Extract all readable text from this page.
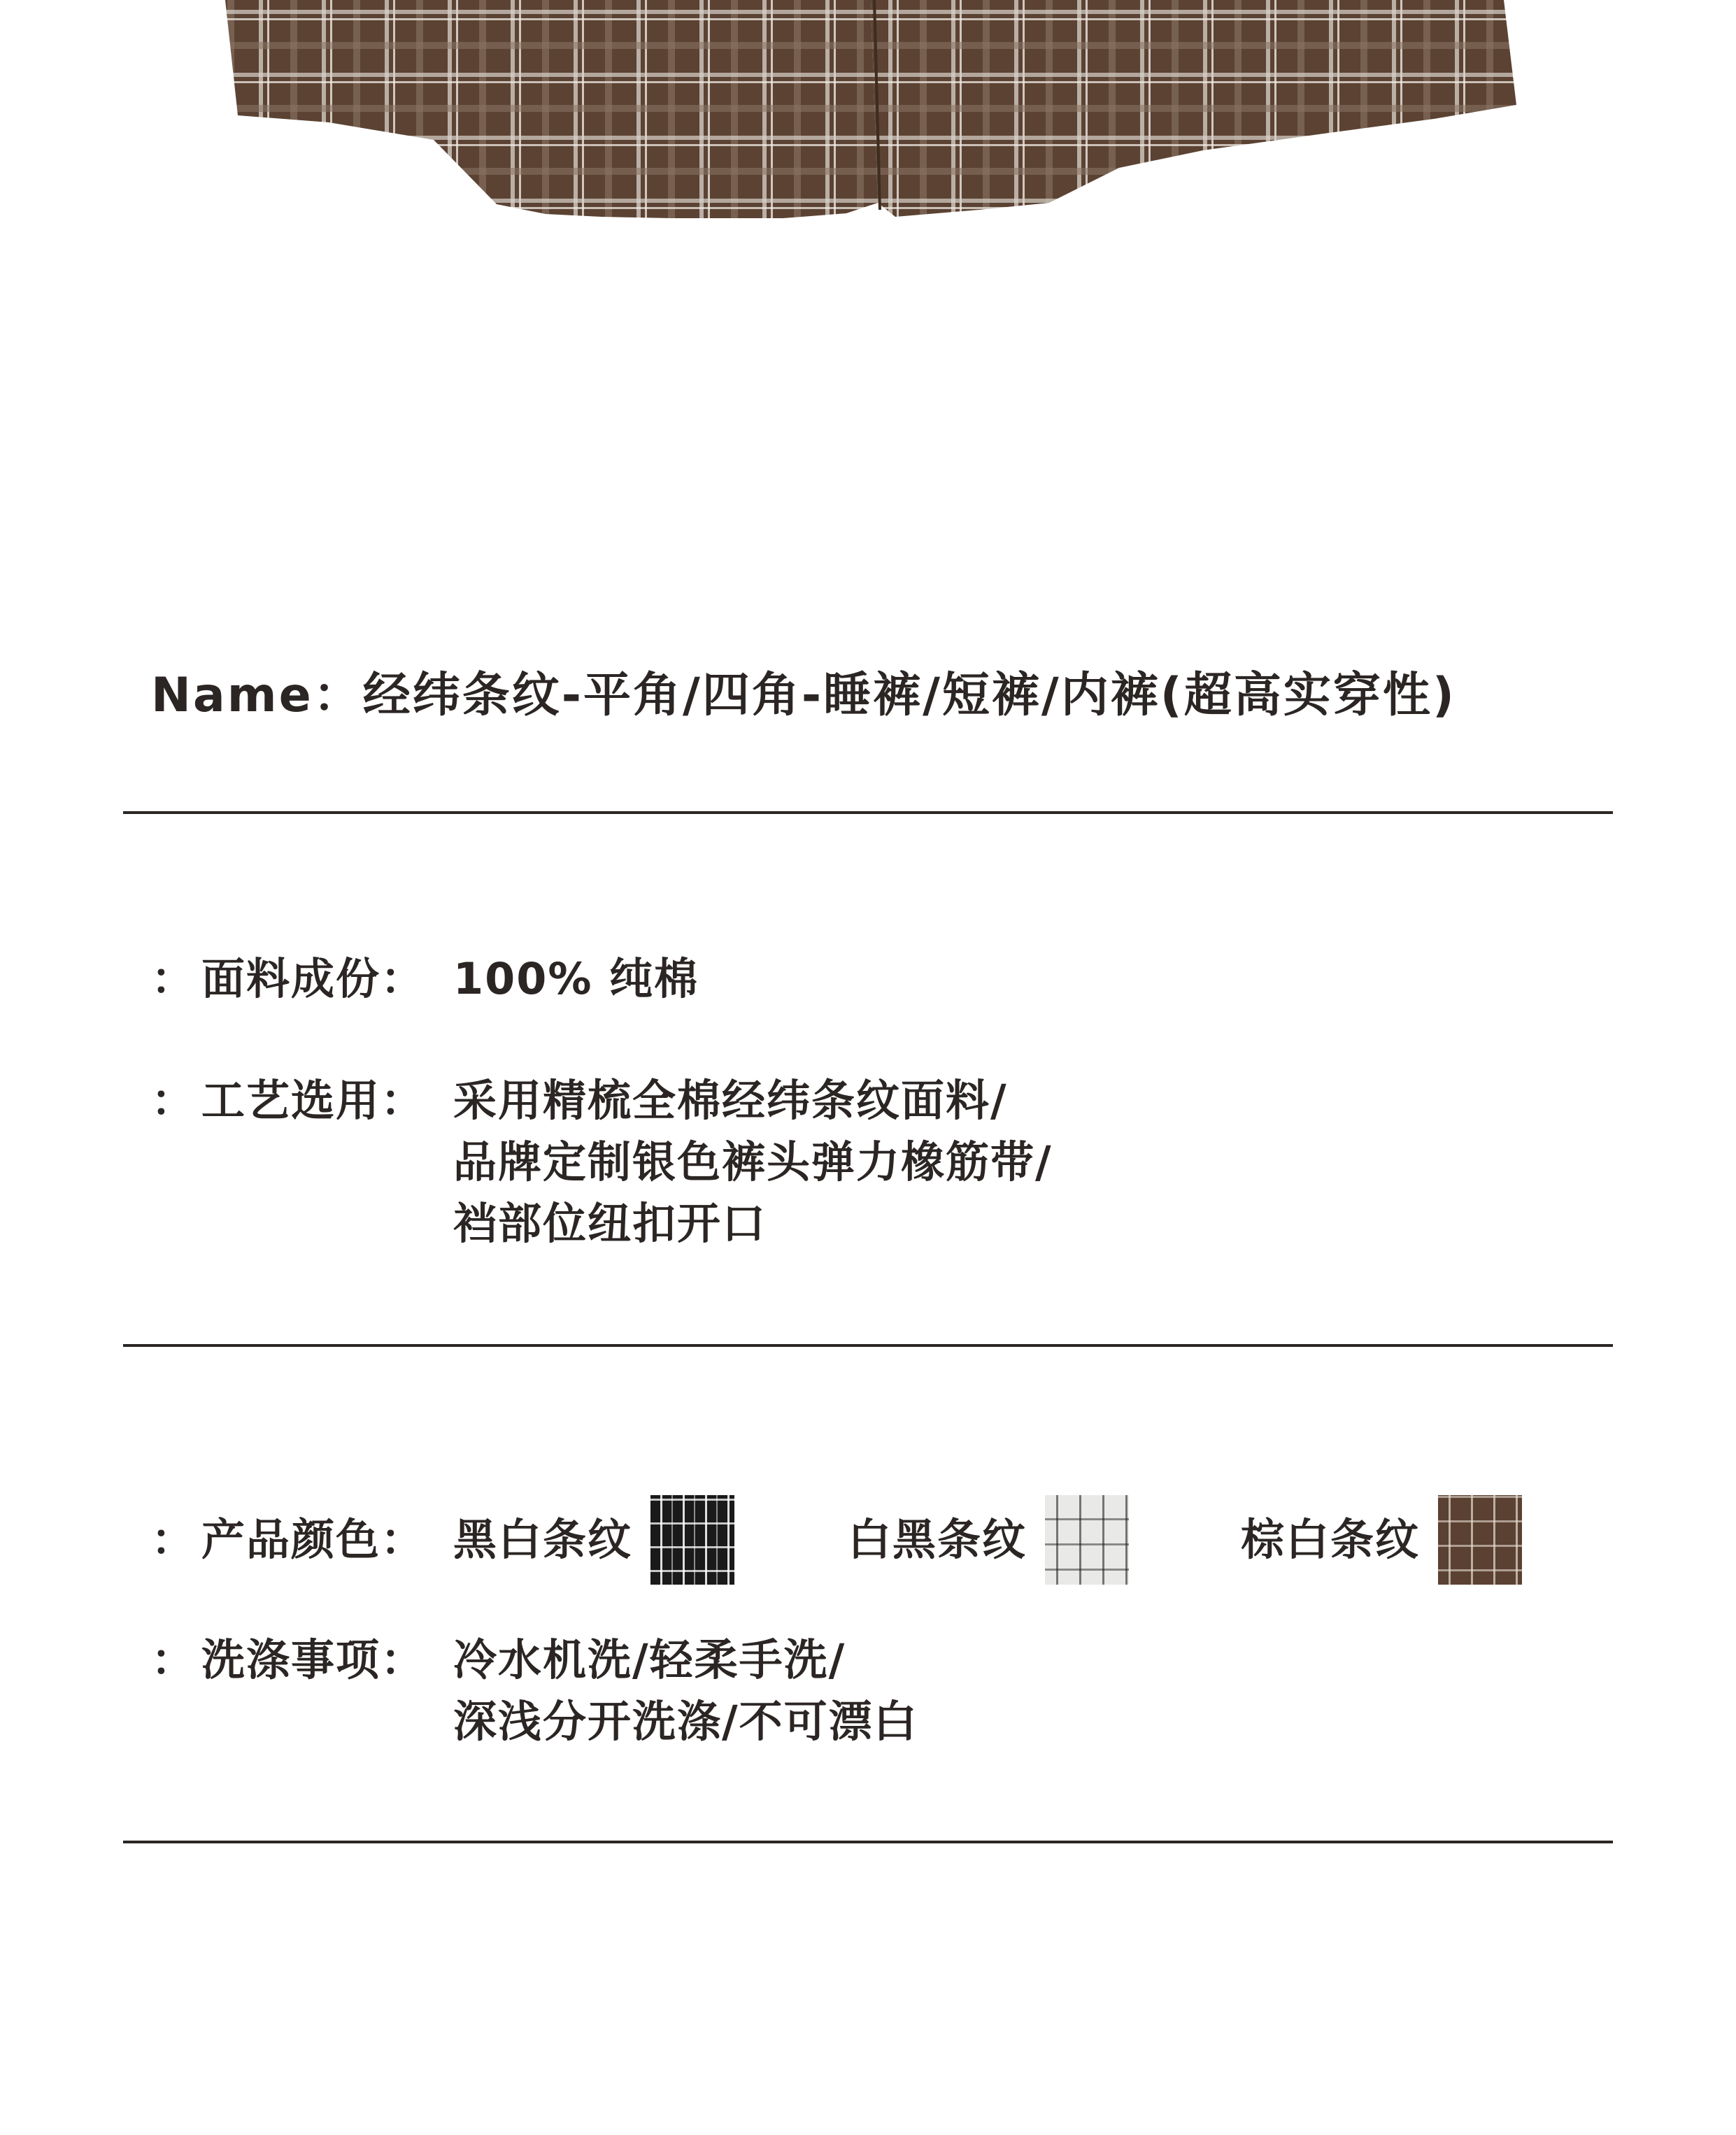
Name：经纬条纹-平角/四角-睡裤/短裤/内裤(超高实穿性)
： 面料成份： 100% 纯棉
： 工艺选用： 采用精梳全棉经纬条纹面料/
品牌定制银色裤头弹力橡筋带/
裆部位纽扣开口
： 产品颜色： 黑白条纹	白黑条纹	棕白条纹
： 洗涤事项： 冷水机洗/轻柔手洗/
深浅分开洗涤/不可漂白
